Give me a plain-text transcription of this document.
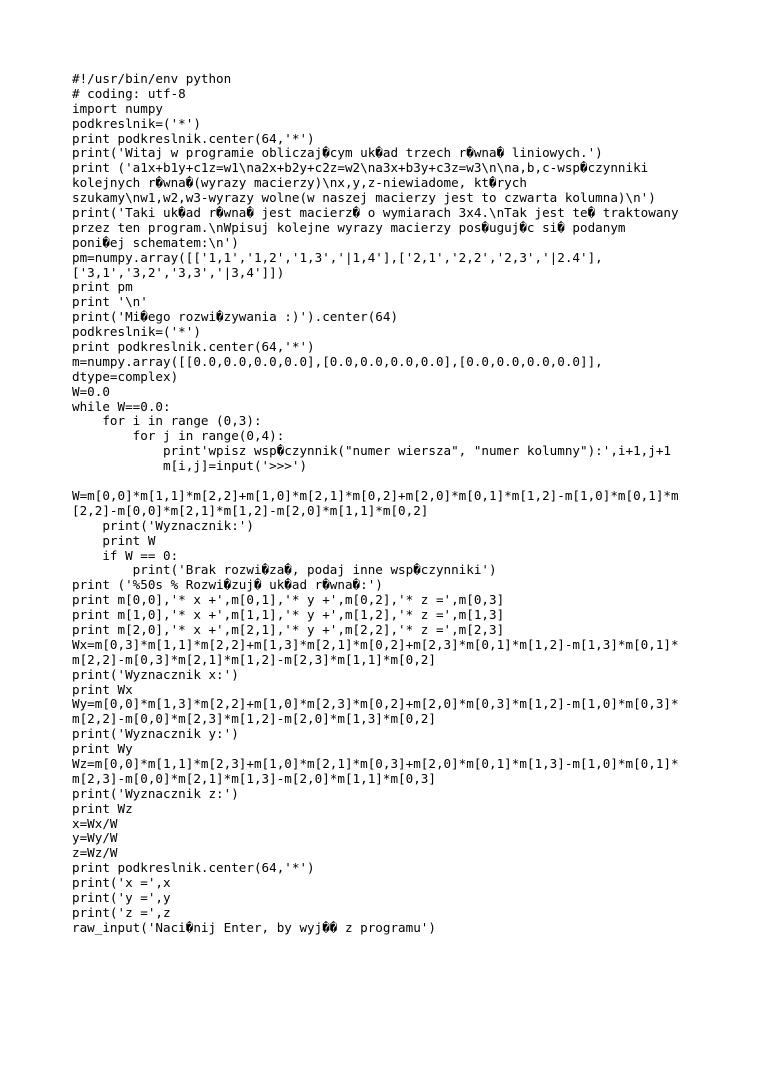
#!/usr/bin/env python
# coding: utf-8
import numpy
podkreslnik=('*')
print podkreslnik.center(64,'*')
print('Witaj w programie obliczaj�cym uk�ad trzech r�wna� liniowych.')
print ('a1x+b1y+c1z=w1\na2x+b2y+c2z=w2\na3x+b3y+c3z=w3\n\na,b,c-wsp�czynniki
kolejnych r�wna�(wyrazy macierzy)\nx,y,z-niewiadome, kt�rych
szukamy\nw1,w2,w3-wyrazy wolne(w naszej macierzy jest to czwarta kolumna)\n')
print('Taki uk�ad r�wna� jest macierz� o wymiarach 3x4.\nTak jest te� traktowany
przez ten program.\nWpisuj kolejne wyrazy macierzy pos�uguj�c si� podanym
poni�ej schematem:\n')
pm=numpy.array([['1,1','1,2','1,3','|1,4'],['2,1','2,2','2,3','|2.4'],
['3,1','3,2','3,3','|3,4']])
print pm
print '\n'
print('Mi�ego rozwi�zywania :)').center(64)
podkreslnik=('*')
print podkreslnik.center(64,'*')
m=numpy.array([[0.0,0.0,0.0,0.0],[0.0,0.0,0.0,0.0],[0.0,0.0,0.0,0.0]],
dtype=complex)
W=0.0
while W==0.0:
for i in range (0,3):
for j in range(0,4):
print'wpisz wsp�czynnik("numer wiersza", "numer kolumny"):',i+1,j+1
m[i,j]=input('>>>')
W=m[0,0]*m[1,1]*m[2,2]+m[1,0]*m[2,1]*m[0,2]+m[2,0]*m[0,1]*m[1,2]-m[1,0]*m[0,1]*m
[2,2]-m[0,0]*m[2,1]*m[1,2]-m[2,0]*m[1,1]*m[0,2]
print('Wyznacznik:')
print W
if W == 0:
print('Brak rozwi�za�, podaj inne wsp�czynniki')
print ('%50s % Rozwi�zuj� uk�ad r�wna�:')
print m[0,0],'* x +',m[0,1],'* y +',m[0,2],'* z =',m[0,3]
print m[1,0],'* x +',m[1,1],'* y +',m[1,2],'* z =',m[1,3]
print m[2,0],'* x +',m[2,1],'* y +',m[2,2],'* z =',m[2,3]
Wx=m[0,3]*m[1,1]*m[2,2]+m[1,3]*m[2,1]*m[0,2]+m[2,3]*m[0,1]*m[1,2]-m[1,3]*m[0,1]*
m[2,2]-m[0,3]*m[2,1]*m[1,2]-m[2,3]*m[1,1]*m[0,2]
print('Wyznacznik x:')
print Wx
Wy=m[0,0]*m[1,3]*m[2,2]+m[1,0]*m[2,3]*m[0,2]+m[2,0]*m[0,3]*m[1,2]-m[1,0]*m[0,3]*
m[2,2]-m[0,0]*m[2,3]*m[1,2]-m[2,0]*m[1,3]*m[0,2]
print('Wyznacznik y:')
print Wy
Wz=m[0,0]*m[1,1]*m[2,3]+m[1,0]*m[2,1]*m[0,3]+m[2,0]*m[0,1]*m[1,3]-m[1,0]*m[0,1]*
m[2,3]-m[0,0]*m[2,1]*m[1,3]-m[2,0]*m[1,1]*m[0,3]
print('Wyznacznik z:')
print Wz
x=Wx/W
y=Wy/W
z=Wz/W
print podkreslnik.center(64,'*')
print('x =',x
print('y =',y
print('z =',z
raw_input('Naci�nij Enter, by wyj�� z programu')
